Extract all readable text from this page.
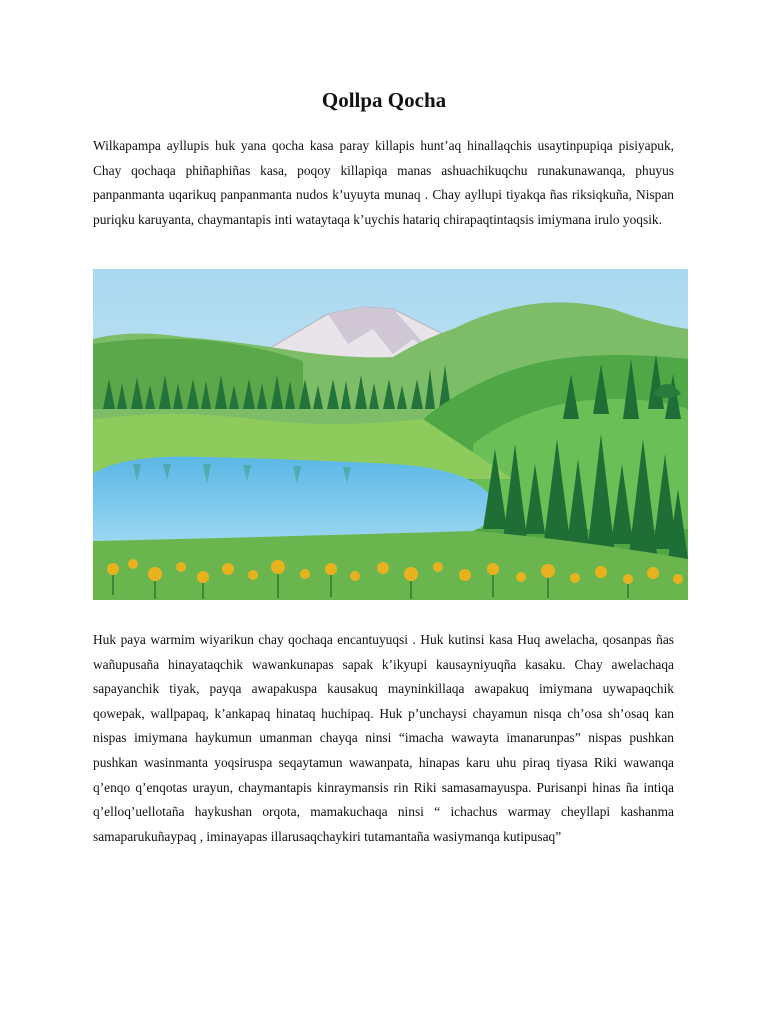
Qollpa Qocha

Wilkapampa ayllupis huk yana qocha kasa paray killapis hunt’aq hinallaqchis usaytinpupiqa pisiyapuk, Chay qochaqa phiñaphiñas kasa, poqoy killapiqa manas ashuachikuqchu runakunawanqa, phuyus panpanmanta uqarikuq panpanmanta nudos k’uyuyta munaq . Chay ayllupi tiyakqa ñas riksiqkuña, Nispan puriqku karuyanta, chaymantapis inti wataytaqa k’uychis hatariq chirapaqtintaqsis imiymana irulo yoqsik.

Huk paya warmim wiyarikun chay qochaqa encantuyuqsi . Huk kutinsi kasa Huq awelacha, qosanpas ñas wañupusaña hinayataqchik wawankunapas sapak k’ikyupi kausayniyuqña kasaku. Chay awelachaqa sapayanchik tiyak, payqa awapakuspa kausakuq mayninkillaqa awapakuq imiymana uywapaqchik qowepak, wallpapaq, k’ankapaq hinataq huchipaq. Huk p’unchaysi chayamun nisqa ch’osa sh’osaq kan nispas imiymana haykumun umanman chayqa ninsi “imacha wawayta imanarunpas” nispas pushkan pushkan wasinmanta yoqsiruspa seqaytamun wawanpata, hinapas karu uhu piraq tiyasa Riki wawanqa q’enqo q’enqotas urayun, chaymantapis kinraymansis rin Riki samasamayuspa. Purisanpi hinas ña intiqa q’elloq’uellotaña haykushan orqota, mamakuchaqa ninsi “ ichachus warmay cheyllapi kashanma samaparukuñaypaq , iminayapas illarusaqchaykiri tutamantaña wasiymanqa kutipusaq”
